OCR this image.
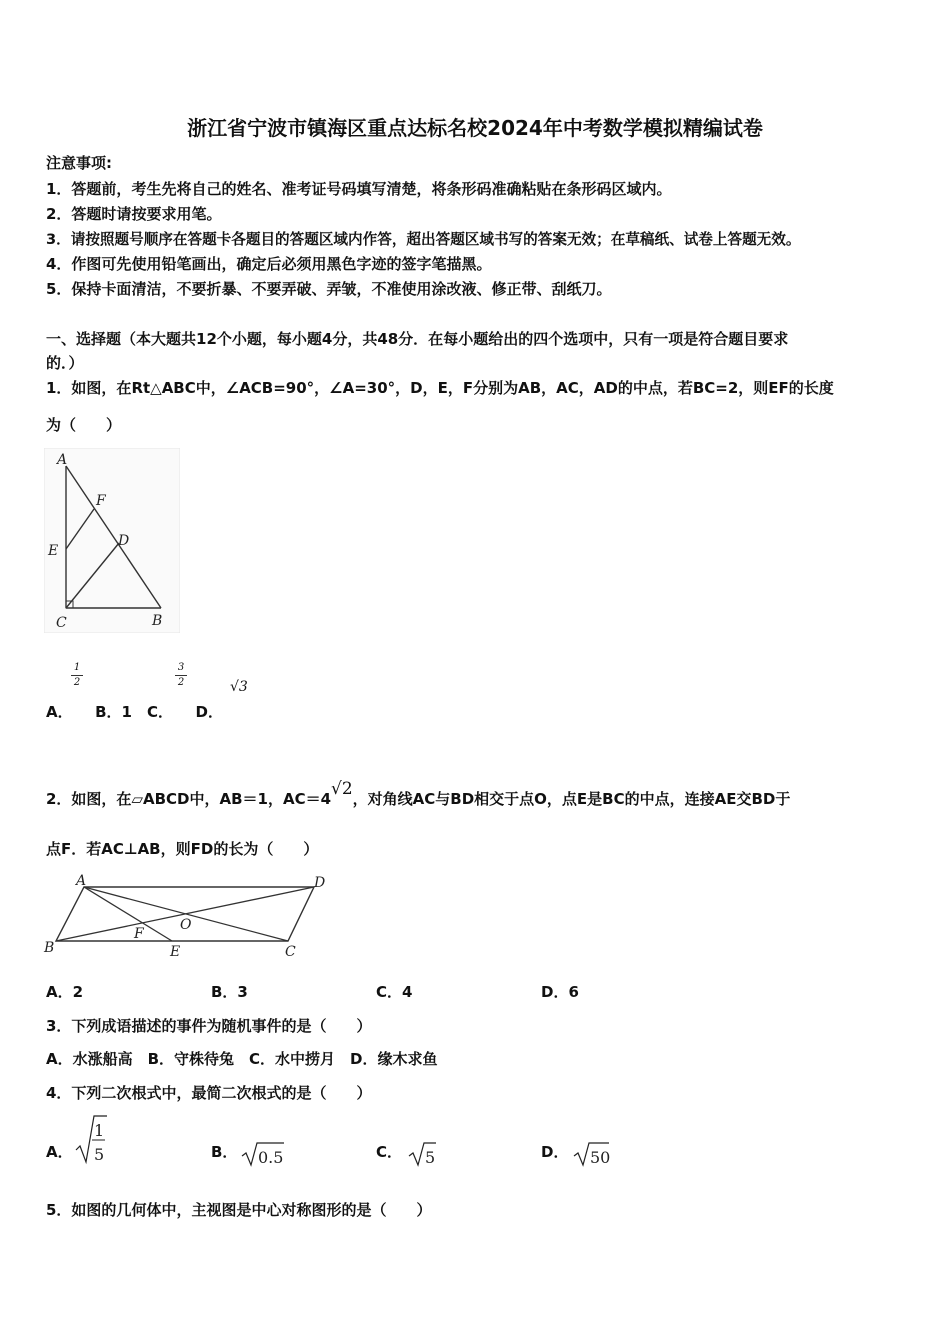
浙江省宁波市镇海区重点达标名校2024年中考数学模拟精编试卷
注意事项:
1．答题前，考生先将自己的姓名、准考证号码填写清楚，将条形码准确粘贴在条形码区域内。
2．答题时请按要求用笔。
3．请按照题号顺序在答题卡各题目的答题区域内作答，超出答题区域书写的答案无效；在草稿纸、试卷上答题无效。
4．作图可先使用铅笔画出，确定后必须用黑色字迹的签字笔描黑。
5．保持卡面清洁，不要折暴、不要弄破、弄皱，不准使用涂改液、修正带、刮纸刀。
一、选择题（本大题共12个小题，每小题4分，共48分．在每小题给出的四个选项中，只有一项是符合题目要求
的．）
1．如图，在Rt△ABC中，∠ACB=90°，∠A=30°，D，E，F分别为AB，AC，AD的中点，若BC=2，则EF的长度
为（　　）
A
F
E
D
C	B
1
2
3
2	√3
A．　　B．1　C．　　D．
2．如图，在▱ABCD中，AB＝1，AC＝4√2，对角线AC与BD相交于点O，点E是BC的中点，连接AE交BD于
点F．若AC⊥AB，则FD的长为（　　）
A	D
B	C
E
F
O
A．2	B．3	C．4	D．6
3．下列成语描述的事件为随机事件的是（　　）
A．水涨船高　B．守株待兔　C．水中捞月　D．缘木求鱼
4．下列二次根式中，最简二次根式的是（　　）
A．
1
5	B． 0.5	C． 5	D． 50
5．如图的几何体中，主视图是中心对称图形的是（　　）
